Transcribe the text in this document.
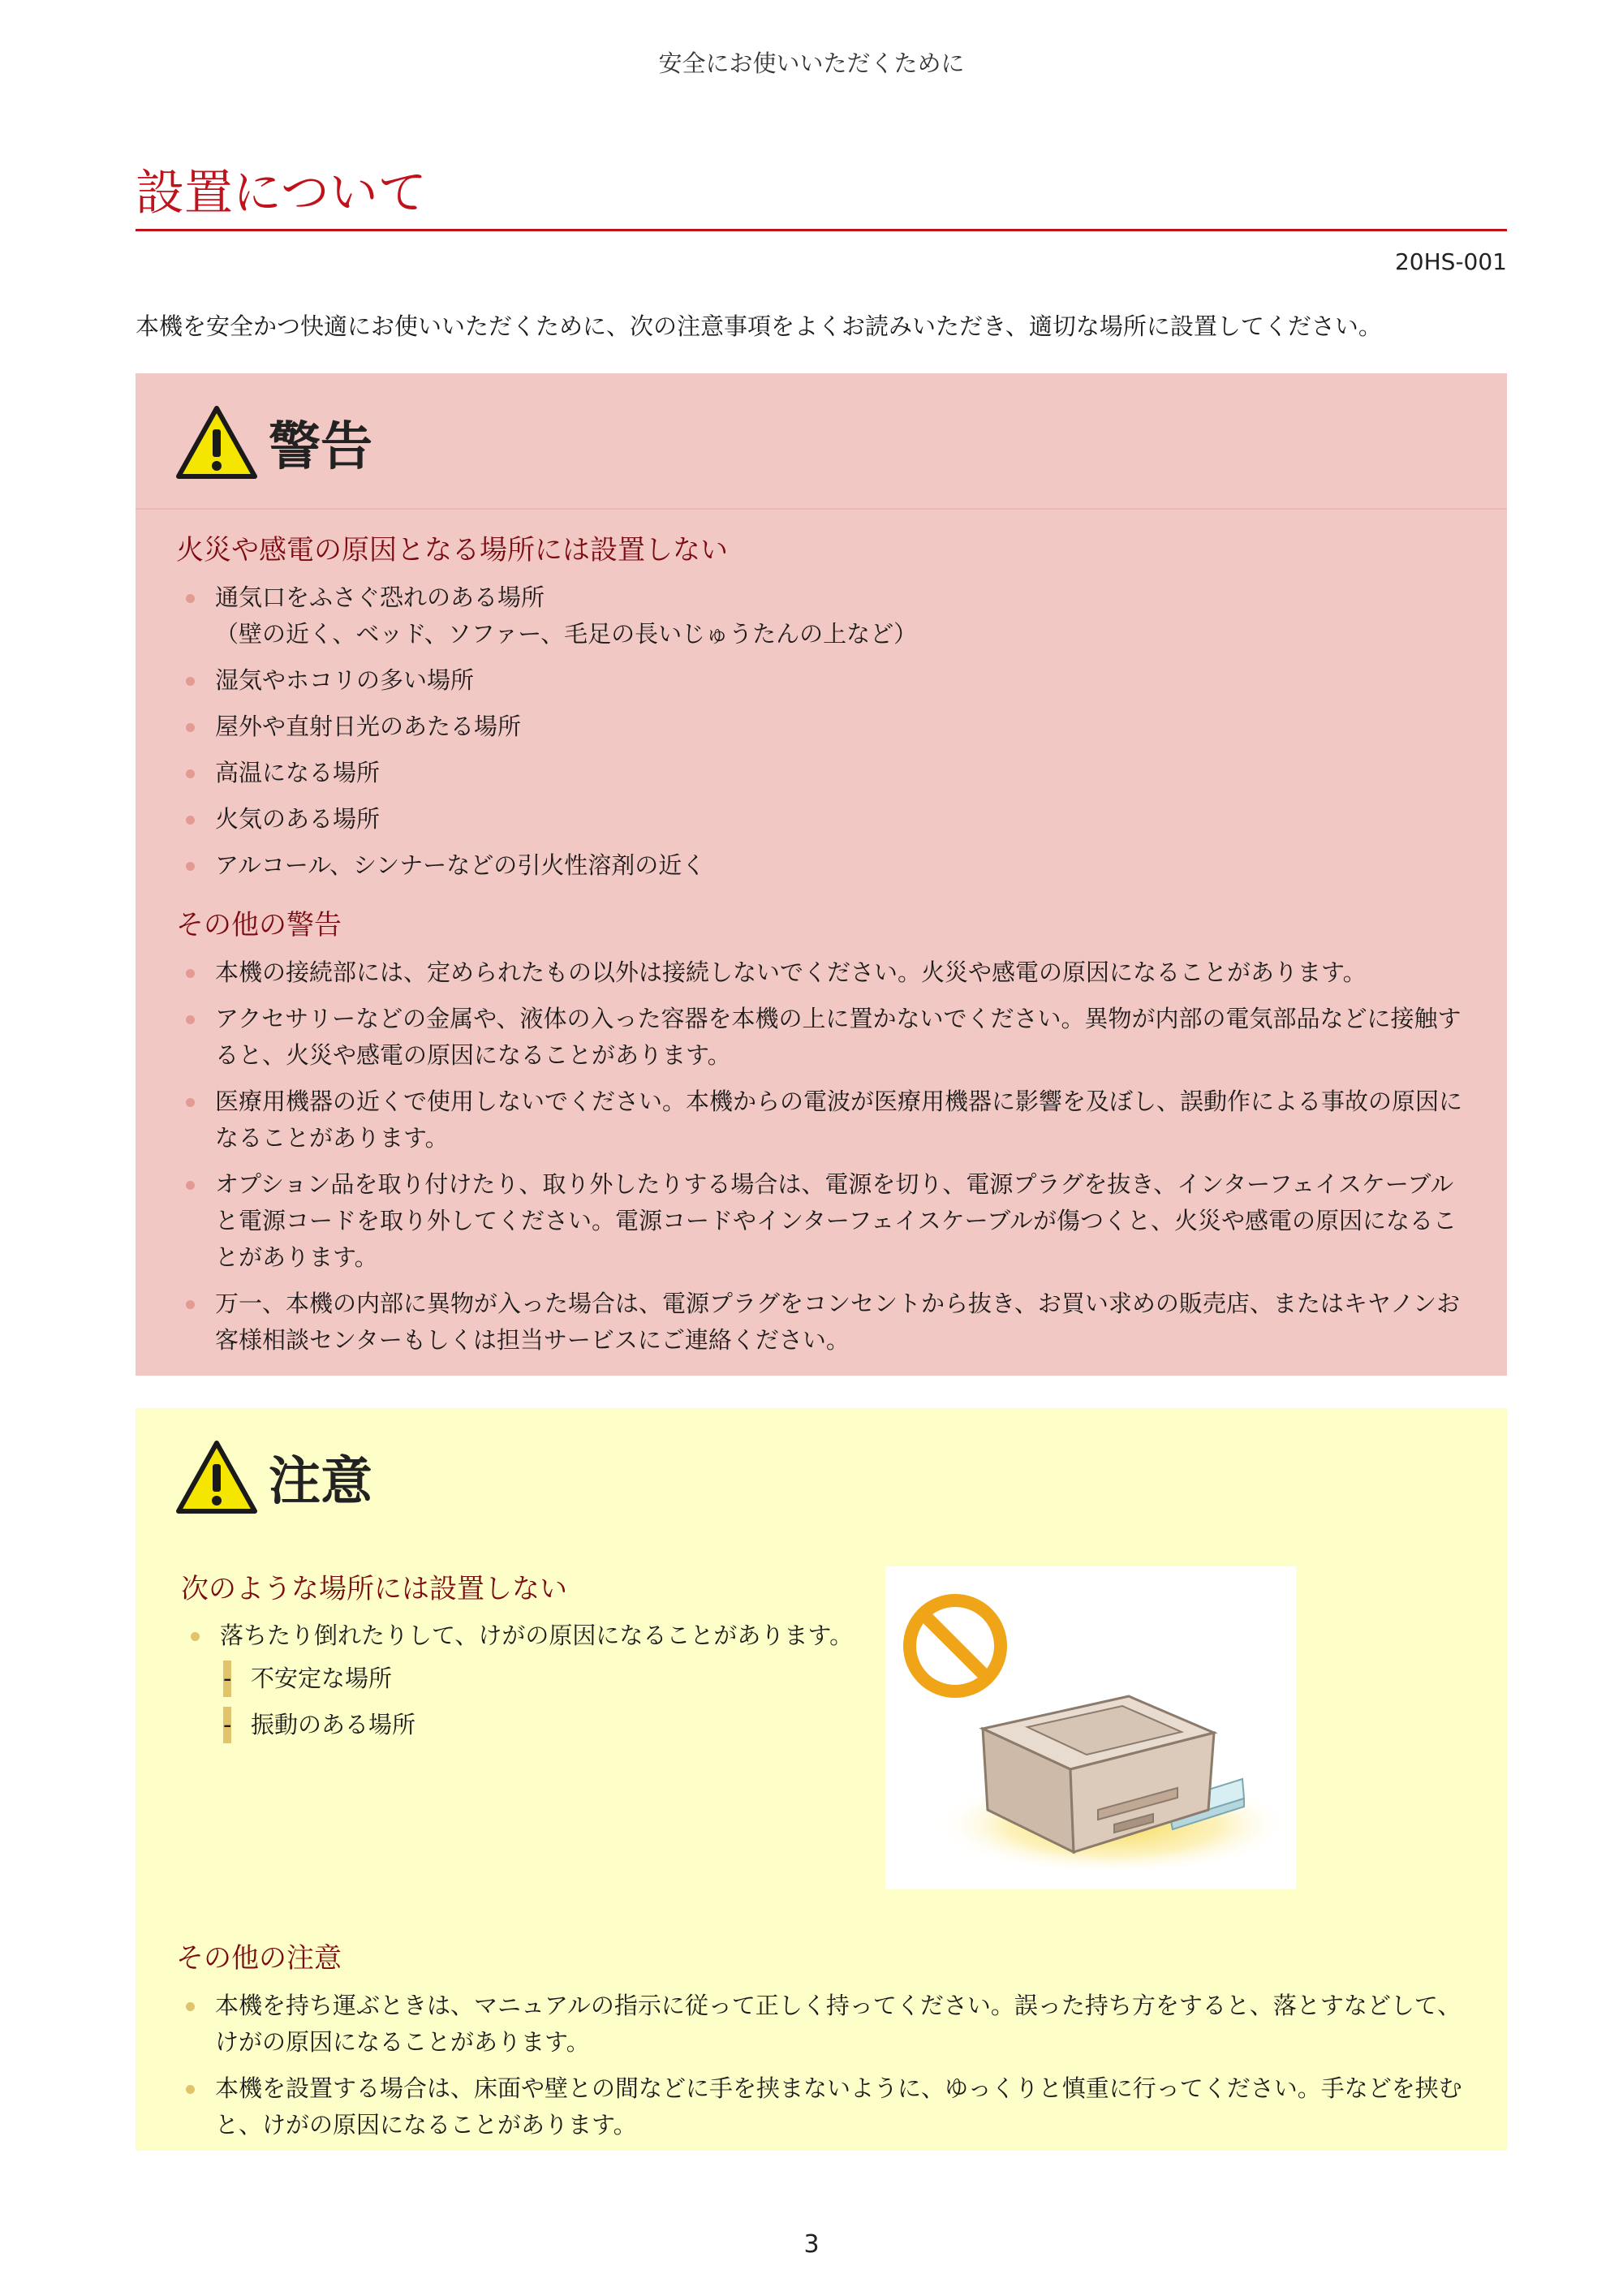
安全にお使いいただくために
設置について
20HS-001

本機を安全かつ快適にお使いいただくために、次の注意事項をよくお読みいただき、適切な場所に設置してください。

警告
火災や感電の原因となる場所には設置しない
通気口をふさぐ恐れのある場所
（壁の近く、ベッド、ソファー、毛足の長いじゅうたんの上など）
湿気やホコリの多い場所
屋外や直射日光のあたる場所
高温になる場所
火気のある場所
アルコール、シンナーなどの引火性溶剤の近く
その他の警告
本機の接続部には、定められたもの以外は接続しないでください。火災や感電の原因になることがあります。
アクセサリーなどの金属や、液体の入った容器を本機の上に置かないでください。異物が内部の電気部品などに接触すると、火災や感電の原因になることがあります。
医療用機器の近くで使用しないでください。本機からの電波が医療用機器に影響を及ぼし、誤動作による事故の原因になることがあります。
オプション品を取り付けたり、取り外したりする場合は、電源を切り、電源プラグを抜き、インターフェイスケーブルと電源コードを取り外してください。電源コードやインターフェイスケーブルが傷つくと、火災や感電の原因になることがあります。
万一、本機の内部に異物が入った場合は、電源プラグをコンセントから抜き、お買い求めの販売店、またはキヤノンお客様相談センターもしくは担当サービスにご連絡ください。
注意
次のような場所には設置しない
落ちたり倒れたりして、けがの原因になることがあります。
- 不安定な場所
- 振動のある場所
その他の注意
本機を持ち運ぶときは、マニュアルの指示に従って正しく持ってください。誤った持ち方をすると、落とすなどして、けがの原因になることがあります。
本機を設置する場合は、床面や壁との間などに手を挟まないように、ゆっくりと慎重に行ってください。手などを挟むと、けがの原因になることがあります。
3
